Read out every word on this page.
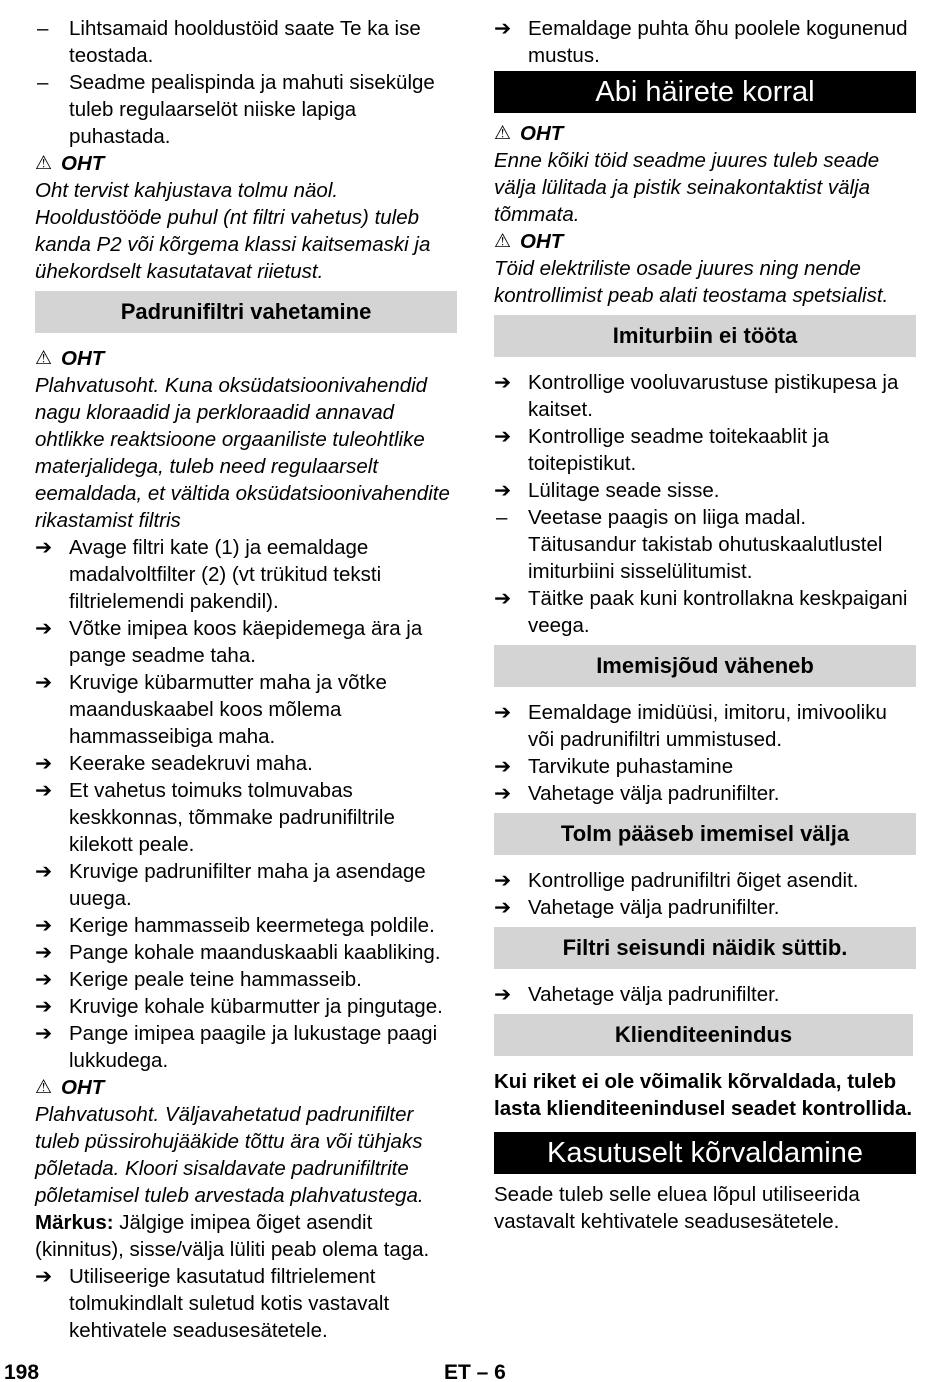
–	Lihtsamaid hooldustöid saate Te ka ise teostada.
–	Seadme pealispinda ja mahuti sisekülge tuleb regulaarselöt niiske lapiga puhastada.
⚠ OHT
Oht tervist kahjustava tolmu näol. Hooldustööde puhul (nt filtri vahetus) tuleb kanda P2 või kõrgema klassi kaitsemaski ja ühekordselt kasutatavat riietust.
Padrunifiltri vahetamine
⚠ OHT
Plahvatusoht. Kuna oksüdatsioonivahendid nagu kloraadid ja perkloraadid annavad ohtlikke reaktsioone orgaaniliste tuleohtlike materjalidega, tuleb need regulaarselt eemaldada, et vältida oksüdatsioonivahendite rikastamist filtris
➔ Avage filtri kate (1) ja eemaldage madalvoltfilter (2) (vt trükitud teksti filtrielemendi pakendil).
➔ Võtke imipea koos käepidemega ära ja pange seadme taha.
➔ Kruvige kübarmutter maha ja võtke maanduskaabel koos mõlema hammasseibiga maha.
➔ Keerake seadekruvi maha.
➔ Et vahetus toimuks tolmuvabas keskkonnas, tõmmake padrunifiltrile kilekott peale.
➔ Kruvige padrunifilter maha ja asendage uuega.
➔ Kerige hammasseib keermetega poldile.
➔ Pange kohale maanduskaabli kaabliking.
➔ Kerige peale teine hammasseib.
➔ Kruvige kohale kübarmutter ja pingutage.
➔ Pange imipea paagile ja lukustage paagi lukkudega.
⚠ OHT
Plahvatusoht. Väljavahetatud padrunifilter tuleb püssirohujääkide tõttu ära või tühjaks põletada. Kloori sisaldavate padrunifiltrite põletamisel tuleb arvestada plahvatustega.
Märkus: Jälgige imipea õiget asendit (kinnitus), sisse/välja lüliti peab olema taga.
➔ Utiliseerige kasutatud filtrielement tolmukindlalt suletud kotis vastavalt kehtivatele seadusesätetele.
➔ Eemaldage puhta õhu poolele kogunenud mustus.
Abi häirete korral
⚠ OHT
Enne kõiki töid seadme juures tuleb seade välja lülitada ja pistik seinakontaktist välja tõmmata.
⚠ OHT
Töid elektriliste osade juures ning nende kontrollimist peab alati teostama spetsialist.
Imiturbiin ei tööta
➔ Kontrollige vooluvarustuse pistikupesa ja kaitset.
➔ Kontrollige seadme toitekaablit ja toitepistikut.
➔ Lülitage seade sisse.
–	Veetase paagis on liiga madal. Täitusandur takistab ohutuskaalutlustel imiturbiini sisselülitumist.
➔ Täitke paak kuni kontrollakna keskpaigani veega.
Imemisjõud väheneb
➔ Eemaldage imidüüsi, imitoru, imivooliku või padrunifiltri ummistused.
➔ Tarvikute puhastamine
➔ Vahetage välja padrunifilter.
Tolm pääseb imemisel välja
➔ Kontrollige padrunifiltri õiget asendit.
➔ Vahetage välja padrunifilter.
Filtri seisundi näidik süttib.
➔ Vahetage välja padrunifilter.
Klienditeenindus
Kui riket ei ole võimalik kõrvaldada, tuleb lasta klienditeenindusel seadet kontrollida.
Kasutuselt kõrvaldamine
Seade tuleb selle eluea lõpul utiliseerida vastavalt kehtivatele seadusesätetele.
198	ET – 6
